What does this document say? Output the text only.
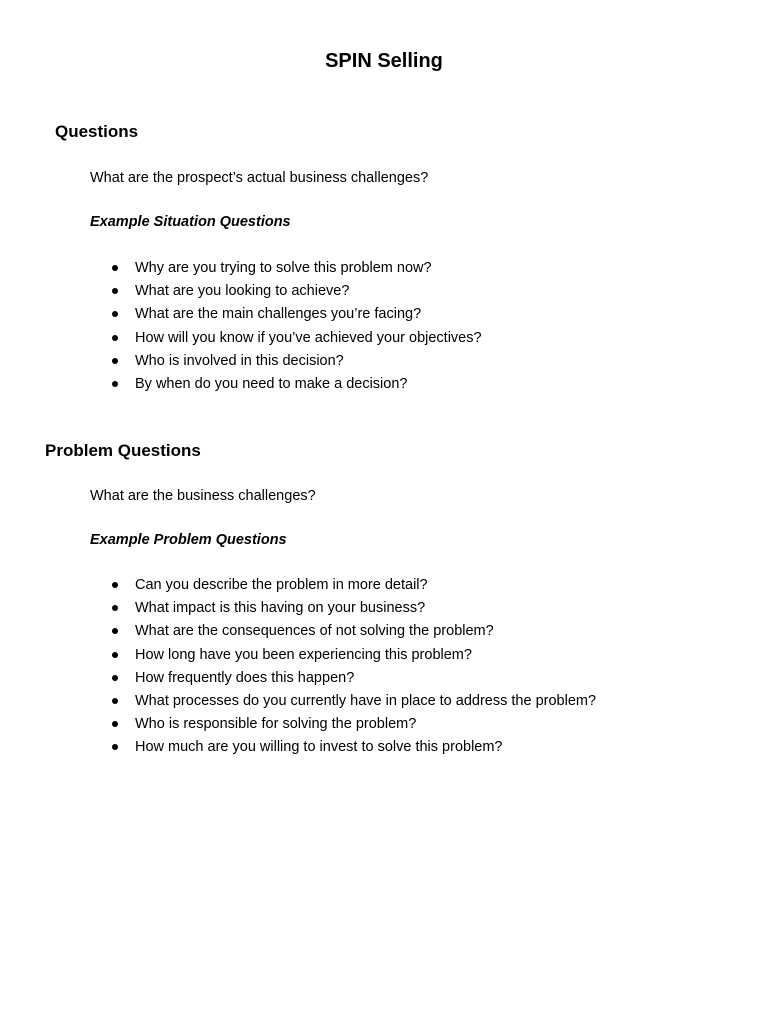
SPIN Selling
Questions

What are the prospect’s actual business challenges?

Example Situation Questions

Why are you trying to solve this problem now?
What are you looking to achieve?
What are the main challenges you’re facing?
How will you know if you’ve achieved your objectives?
Who is involved in this decision?
By when do you need to make a decision?
Problem Questions

What are the business challenges?

Example Problem Questions

Can you describe the problem in more detail?
What impact is this having on your business?
What are the consequences of not solving the problem?
How long have you been experiencing this problem?
How frequently does this happen?
What processes do you currently have in place to address the problem?
Who is responsible for solving the problem?
How much are you willing to invest to solve this problem?
